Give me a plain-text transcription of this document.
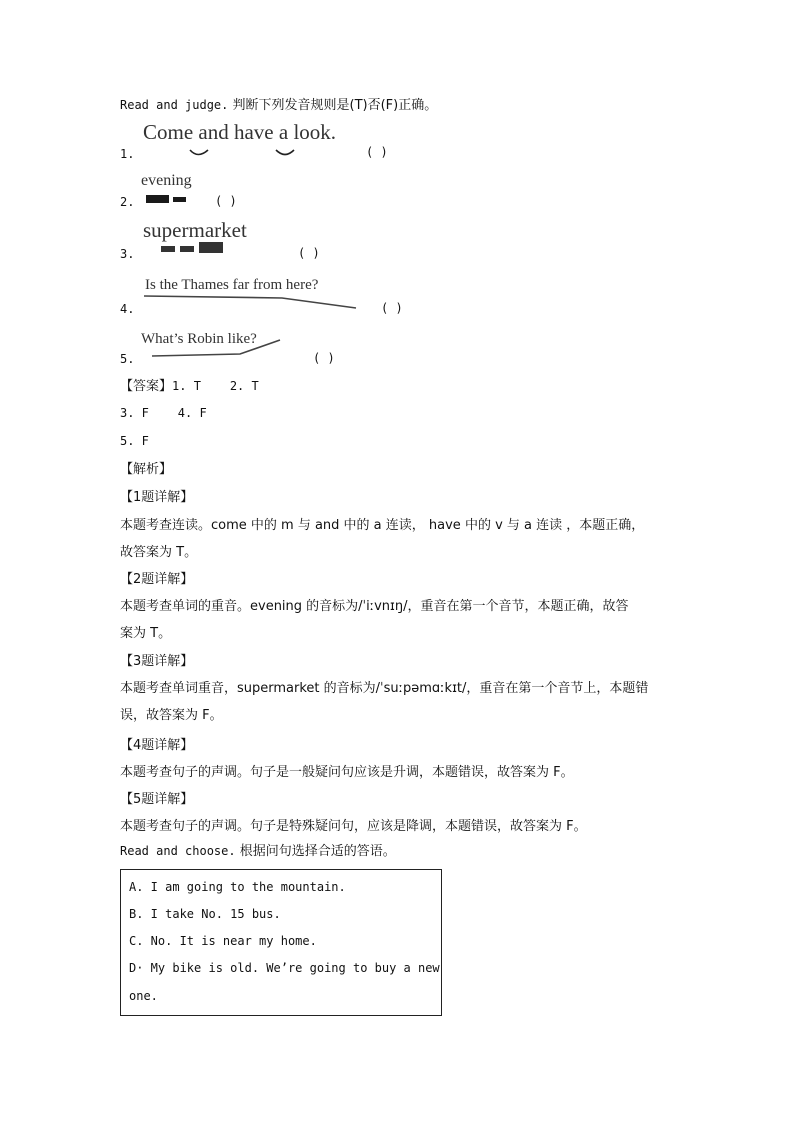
Read and judge. 判断下列发音规则是(T)否(F)正确。
Come and have a look.
1.	( )
evening
2.	( )
supermarket
3.	( )
Is the Thames far from here?
4.	( )
What’s Robin like?
5.	( )
【答案】1. T    2. T
3. F    4. F
5. F
【解析】
【1题详解】
本题考查连读。come 中的 m 与 and 中的 a 连读， have 中的 v 与 a 连读 ，本题正确，
故答案为 T。
【2题详解】
本题考查单词的重音。evening 的音标为/ˈiːvnɪŋ/，重音在第一个音节，本题正确，故答
案为 T。
【3题详解】
本题考查单词重音，supermarket 的音标为/ˈsuːpəmɑːkɪt/，重音在第一个音节上，本题错
误，故答案为 F。
【4题详解】
本题考查句子的声调。句子是一般疑问句应该是升调，本题错误，故答案为 F。
【5题详解】
本题考查句子的声调。句子是特殊疑问句，应该是降调，本题错误，故答案为 F。
Read and choose. 根据问句选择合适的答语。
A. I am going to the mountain.
B. I take No. 15 bus.
C. No. It is near my home.
D· My bike is old. We’re going to buy a new
one.
